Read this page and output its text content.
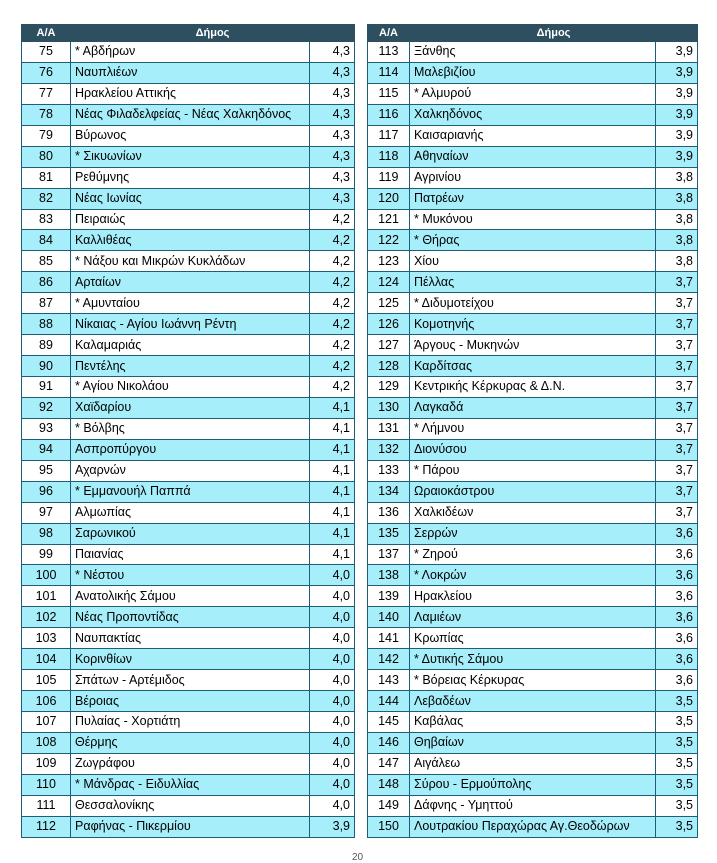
Α/Α	Δήμος	
75	* Αβδήρων	4,3
76	Ναυπλιέων	4,3
77	Ηρακλείου Αττικής	4,3
78	Νέας Φιλαδελφείας - Νέας Χαλκηδόνος	4,3
79	Βύρωνος	4,3
80	* Σικυωνίων	4,3
81	Ρεθύμνης	4,3
82	Νέας Ιωνίας	4,3
83	Πειραιώς	4,2
84	Καλλιθέας	4,2
85	* Νάξου και Μικρών Κυκλάδων	4,2
86	Αρταίων	4,2
87	* Αμυνταίου	4,2
88	Νίκαιας - Αγίου Ιωάννη Ρέντη	4,2
89	Καλαμαριάς	4,2
90	Πεντέλης	4,2
91	* Αγίου Νικολάου	4,2
92	Χαϊδαρίου	4,1
93	* Βόλβης	4,1
94	Ασπροπύργου	4,1
95	Αχαρνών	4,1
96	* Εμμανουήλ Παππά	4,1
97	Αλμωπίας	4,1
98	Σαρωνικού	4,1
99	Παιανίας	4,1
100	* Νέστου	4,0
101	Ανατολικής Σάμου	4,0
102	Νέας Προποντίδας	4,0
103	Ναυπακτίας	4,0
104	Κορινθίων	4,0
105	Σπάτων - Αρτέμιδος	4,0
106	Βέροιας	4,0
107	Πυλαίας - Χορτιάτη	4,0
108	Θέρμης	4,0
109	Ζωγράφου	4,0
110	* Μάνδρας - Ειδυλλίας	4,0
111	Θεσσαλονίκης	4,0
112	Ραφήνας - Πικερμίου	3,9
Α/Α	Δήμος	
113	Ξάνθης	3,9
114	Μαλεβιζίου	3,9
115	* Αλμυρού	3,9
116	Χαλκηδόνος	3,9
117	Καισαριανής	3,9
118	Αθηναίων	3,9
119	Αγρινίου	3,8
120	Πατρέων	3,8
121	* Μυκόνου	3,8
122	* Θήρας	3,8
123	Χίου	3,8
124	Πέλλας	3,7
125	* Διδυμοτείχου	3,7
126	Κομοτηνής	3,7
127	Άργους - Μυκηνών	3,7
128	Καρδίτσας	3,7
129	Κεντρικής Κέρκυρας & Δ.Ν.	3,7
130	Λαγκαδά	3,7
131	* Λήμνου	3,7
132	Διονύσου	3,7
133	* Πάρου	3,7
134	Ωραιοκάστρου	3,7
136	Χαλκιδέων	3,7
135	Σερρών	3,6
137	* Ζηρού	3,6
138	* Λοκρών	3,6
139	Ηρακλείου	3,6
140	Λαμιέων	3,6
141	Κρωπίας	3,6
142	* Δυτικής Σάμου	3,6
143	* Βόρειας Κέρκυρας	3,6
144	Λεβαδέων	3,5
145	Καβάλας	3,5
146	Θηβαίων	3,5
147	Αιγάλεω	3,5
148	Σύρου - Ερμούπολης	3,5
149	Δάφνης - Υμηττού	3,5
150	Λουτρακίου Περαχώρας Αγ.Θεοδώρων	3,5
20
